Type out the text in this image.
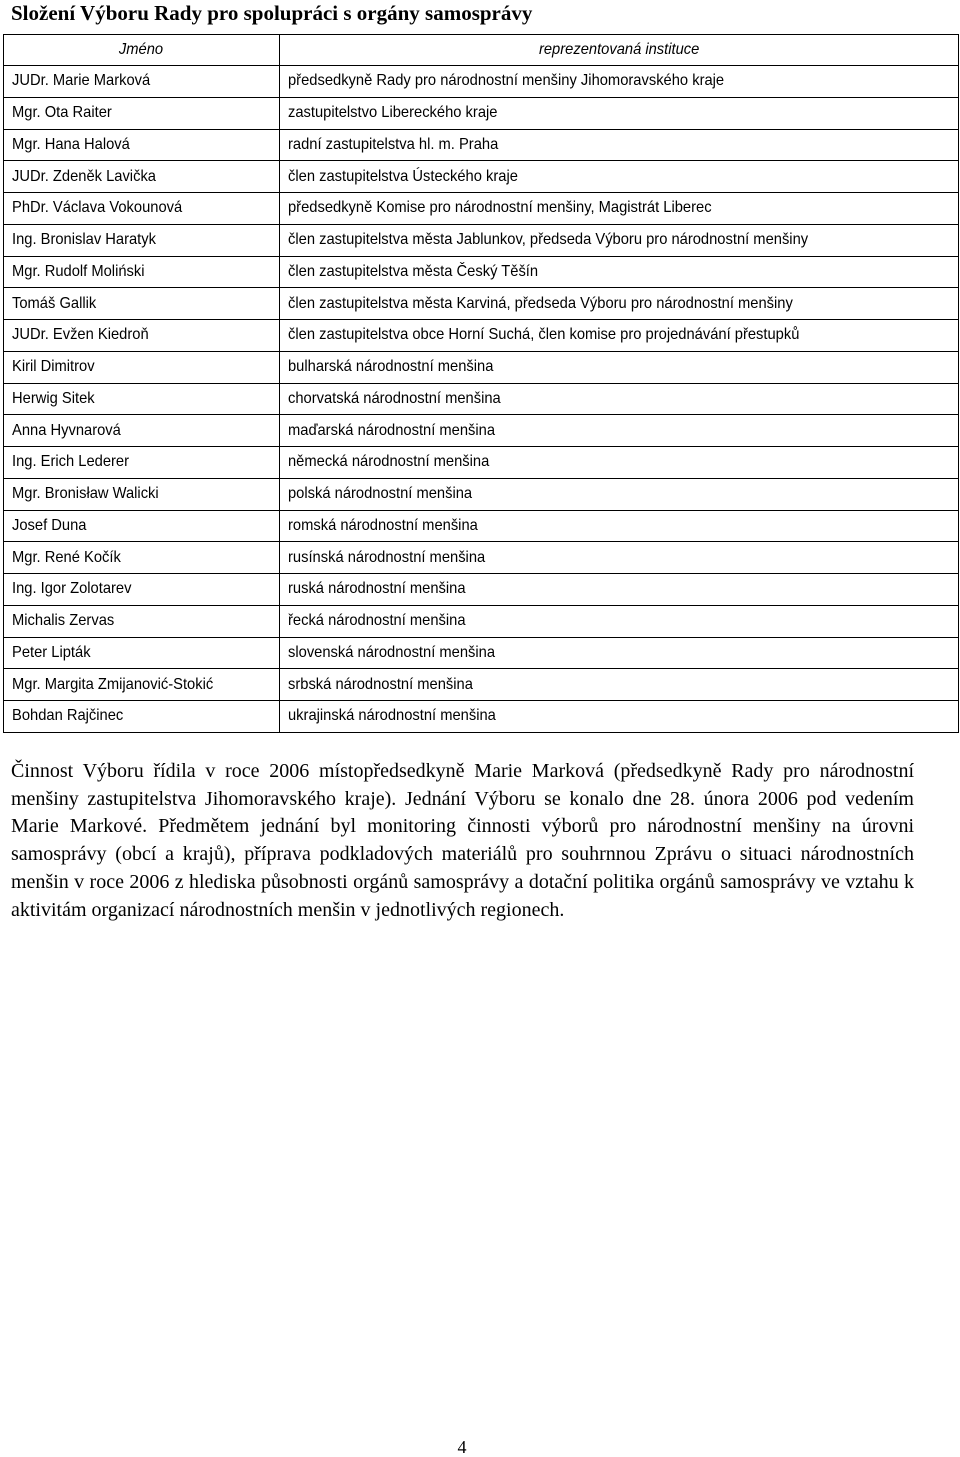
Složení Výboru Rady pro spolupráci s orgány samosprávy
Jméno	reprezentovaná instituce
JUDr. Marie Marková	předsedkyně Rady pro národnostní menšiny Jihomoravského kraje
Mgr. Ota Raiter	zastupitelstvo Libereckého kraje
Mgr. Hana Halová	radní zastupitelstva hl. m. Praha
JUDr. Zdeněk Lavička	člen zastupitelstva Ústeckého kraje
PhDr. Václava Vokounová	předsedkyně Komise pro národnostní menšiny, Magistrát Liberec
Ing. Bronislav Haratyk	člen zastupitelstva města Jablunkov, předseda Výboru pro národnostní menšiny
Mgr. Rudolf Moliński	člen zastupitelstva města Český Těšín
Tomáš Gallik	člen zastupitelstva města Karviná, předseda Výboru pro národnostní menšiny
JUDr. Evžen Kiedroň	člen zastupitelstva obce Horní Suchá, člen komise pro projednávání přestupků
Kiril Dimitrov	bulharská národnostní menšina
Herwig Sitek	chorvatská národnostní menšina
Anna Hyvnarová	maďarská národnostní menšina
Ing. Erich Lederer	německá národnostní menšina
Mgr. Bronisław Walicki	polská národnostní menšina
Josef Duna	romská národnostní menšina
Mgr. René Kočík	rusínská národnostní menšina
Ing. Igor Zolotarev	ruská národnostní menšina
Michalis Zervas	řecká národnostní menšina
Peter Lipták	slovenská národnostní menšina
Mgr. Margita Zmijanović-Stokić	srbská národnostní menšina
Bohdan Rajčinec	ukrajinská národnostní menšina

Činnost Výboru řídila v roce 2006 místopředsedkyně Marie Marková (předsedkyně Rady pro národnostní menšiny zastupitelstva Jihomoravského kraje). Jednání Výboru se konalo dne 28. února 2006 pod vedením Marie Markové. Předmětem jednání byl monitoring činnosti výborů pro národnostní menšiny na úrovni samosprávy (obcí a krajů), příprava podkladových materiálů pro souhrnnou Zprávu o situaci národnostních menšin v roce 2006 z hlediska působnosti orgánů samosprávy a dotační politika orgánů samosprávy ve vztahu k aktivitám organizací národnostních menšin v jednotlivých regionech.

4
